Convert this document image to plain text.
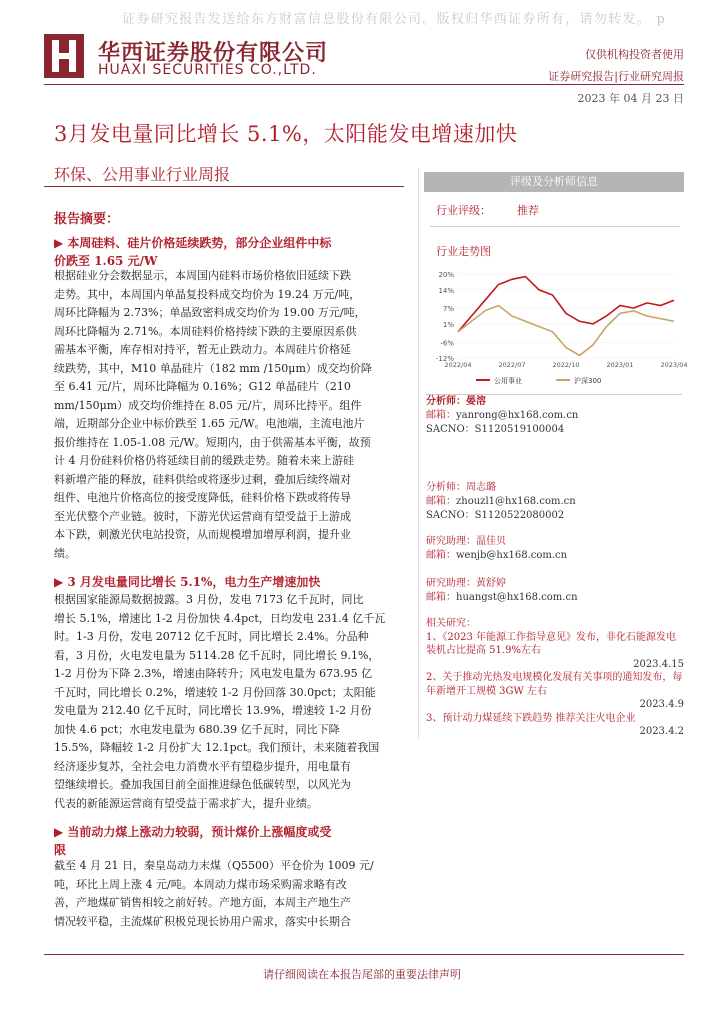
证券研究报告发送给东方财富信息股份有限公司。版权归华西证券所有，请勿转发。 p
华西证券股份有限公司
HUAXI SECURITIES CO.,LTD.
仅供机构投资者使用
证券研究报告|行业研究周报
2023 年 04 月 23 日
3月发电量同比增长 5.1%，太阳能发电增速加快
环保、公用事业行业周报
报告摘要：
▶ 本周硅料、硅片价格延续跌势，部分企业组件中标
价跌至 1.65 元/W
根据硅业分会数据显示，本周国内硅料市场价格依旧延续下跌
走势。其中，本周国内单晶复投料成交均价为 19.24 万元/吨，
周环比降幅为 2.73%；单晶致密料成交均价为 19.00 万元/吨，
周环比降幅为 2.71%。本周硅料价格持续下跌的主要原因系供
需基本平衡，库存相对持平，暂无止跌动力。本周硅片价格延
续跌势，其中，M10 单晶硅片（182 mm /150μm）成交均价降
至 6.41 元/片，周环比降幅为 0.16%；G12 单晶硅片（210
mm/150μm）成交均价维持在 8.05 元/片，周环比持平。组件
端，近期部分企业中标价跌至 1.65 元/W。电池端，主流电池片
报价维持在 1.05-1.08 元/W。短期内，由于供需基本平衡，故预
计 4 月份硅料价格仍将延续目前的缓跌走势。随着未来上游硅
料新增产能的释放，硅料供给或将逐步过剩，叠加后续终端对
组件、电池片价格高位的接受度降低，硅料价格下跌或将传导
至光伏整个产业链。彼时，下游光伏运营商有望受益于上游成
本下跌，刺激光伏电站投资，从而规模增加增厚利润，提升业
绩。
▶ 3 月发电量同比增长 5.1%，电力生产增速加快
根据国家能源局数据披露。3 月份，发电 7173 亿千瓦时，同比
增长 5.1%，增速比 1-2 月份加快 4.4pct，日均发电 231.4 亿千瓦
时。1-3 月份，发电 20712 亿千瓦时，同比增长 2.4%。分品种
看，3 月份，火电发电量为 5114.28 亿千瓦时，同比增长 9.1%，
1-2 月份为下降 2.3%，增速由降转升；风电发电量为 673.95 亿
千瓦时，同比增长 0.2%，增速较 1-2 月份回落 30.0pct；太阳能
发电量为 212.40 亿千瓦时，同比增长 13.9%，增速较 1-2 月份
加快 4.6 pct；水电发电量为 680.39 亿千瓦时，同比下降
15.5%，降幅较 1-2 月份扩大 12.1pct。我们预计，未来随着我国
经济逐步复苏，全社会电力消费水平有望稳步提升，用电量有
望继续增长。叠加我国目前全面推进绿色低碳转型，以风光为
代表的新能源运营商有望受益于需求扩大，提升业绩。
▶ 当前动力煤上涨动力较弱，预计煤价上涨幅度或受
限
截至 4 月 21 日，秦皇岛动力末煤（Q5500）平仓价为 1009 元/
吨，环比上周上涨 4 元/吨。本周动力煤市场采购需求略有改
善，产地煤矿销售相较之前好转。产地方面，本周主产地生产
情况较平稳，主流煤矿积极兑现长协用户需求，落实中长期合
评级及分析师信息
行业评级： 推荐
行业走势图
20%
14%
7%
1%
-6%
-12%
2022/04	2022/07	2022/10	2023/01	2023/04
公用事业	沪深300
分析师：晏溶
邮箱：yanrong@hx168.com.cn
SACNO：S1120519100004
分析师：周志璐
邮箱：zhouzl1@hx168.com.cn
SACNO：S1120522080002
研究助理：温佳贝
邮箱：wenjb@hx168.com.cn
研究助理：黄舒婷
邮箱：huangst@hx168.com.cn
相关研究：
1、《2023 年能源工作指导意见》发布，非化石能源发电装机占比提高 51.9%左右
2023.4.15
2、关于推动光热发电规模化发展有关事项的通知发布，每年新增开工规模 3GW 左右
2023.4.9
3、预计动力煤延续下跌趋势 推荐关注火电企业
2023.4.2
请仔细阅读在本报告尾部的重要法律声明
